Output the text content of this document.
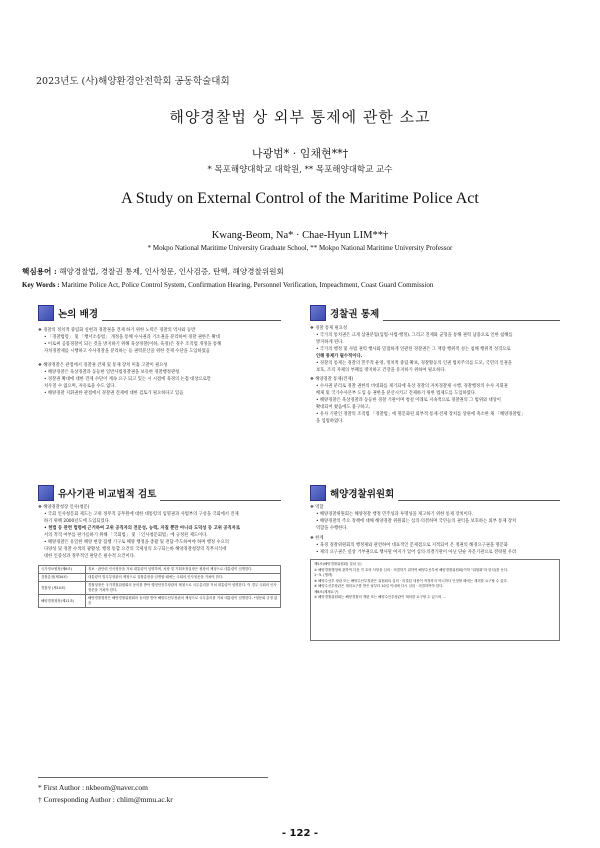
2023년도 (사)해양환경안전학회 공동학술대회
해양경찰법 상 외부 통제에 관한 소고
나광범* · 임채현**†
* 목포해양대학교 대학원, ** 목포해양대학교 교수
A Study on External Control of the Maritime Police Act
Kwang-Beom, Na* · Chae-Hyun LIM**†
* Mokpo National Maritime University Graduate School, ** Mokpo National Maritime University Professor
핵심용어 : 해양경찰법, 경찰권 통제, 인사청문, 인사검증, 탄핵, 해양경찰위원회
Key Words : Maritime Police Act, Police Control System, Confirmation Hearing, Personnel Verification, Impeachment, Coast Guard Commission
논의 배경
❖ 경찰의 정치적 중립화 실현과 경찰권을 견제 하기 위한 노력은 경찰의 역사와 동반
• 「경찰법령」 및 「행서소송법」 개정을 통해 수사권과 기소권을 분리하여 경찰 권한은 확대
• 이로써 공룡경찰이 되는 것을 방지하기 위해 육상경찰(이하, 육경)은 경우 조직법 개정을 통해
자치경찰제를 시행하고 수사경찰을 분리하는 등 권력분산을 위한 견제 수단을 도입하였음
❖ 해양경찰은 관점에서 경찰권 견제 및 통제 장치 미흡 고찰이 필요성
• 해양경찰은 육상경찰과 동등한 일반사법경찰권을 보유한 경찰행정관청
• 경찰권 확대에 대한 견제 수단이 계속 요구 되고 있는 시 시점에 육경의 논점 대상으로만
치우칠 수 없으며, 자유로울 수도 없다.
• 해양경찰 지휘권한 관점에서 경찰권 견제에 대한 검토가 필요하다고 있음
경찰권 통제
❖ 경찰 통제 필요성
• 국가의 통치권은 크게 삼권분립(입법·사법·행정), 그리고 견제와 균형을 통해 권력 남용으로 인한 침해를
방지하게 된다.
• 국가의 행정 및 사법 권력 행사와 밀접하게 연관된 경찰권은 그 재량 행위적 성는 침해 행위적 성격으로
인해 통제가 필수적이다.
• 경찰의 통제는 경찰의 민주적 운영, 정치적 중립 확보, 경찰활동의 인권 법치주의를 도모, 국민의 인권을
보호, 조직 자체의 부패를 방지하고 건강을 유지하기 위하여 필요하다.
❖ 해양경찰 통제(견제)
• 수사권 분리로 경찰 권한의 비대화를 제기되에 육상 경찰의 자치경찰제 시행, 경찰행정의 수사 지휘권
배제 및 국가수사본부 도입 등 권한을 분산시키고 견제하기 위한 법제도를 도입하였다.
• 해양경찰은 육상경찰과 동등한 경찰 기관이며 청설 이래로 지속적으로 경찰권의 그 범위와 대상이
확대되어 왔음에도 불구하고,
• 유사 기관인 경찰의 조직법 「경찰법」에 명문화된 외부적 통제·견제 장치를 상위에 축소한 채 「해양경찰법」
을 입법하였다.
유사기관 비교법적 검토
❖ 해양경찰청장 인사(청문)
• 국회 인사청문회 제도는 고위 정무직 공무원에 대한 대통령의 임명권과 사법부의 구성을 국회에서 견제
하기 위해 2000년도에 도입되었다.
• 헌법 등 관련 법령에 근거하여 고위 공직자의 전문성, 능력, 자질 뿐만 아니라 도덕성 등 고위 공직자로
서의 적격 여부를 판가름하기 위해 「국회법」 및 「인사청문회법」에 규정된 제도이다.
• 해양경찰은 유일한 해양 현장 집행 기구로 해양 행정을 총괄 및 전담·주도하여야 하며 행정 수요의
다양성 및 경찰 수색의 광활성, 행정 통합 요건의 국제성의 요구되는바 해양경찰청장의 직무지식에
대한 인증성과 정무적인 판단은 필수적 요건이다.
국가정보원장(제6조)	정보 · 판단력 인사청문을 거쳐 대통령이 임명하며, 차장 및 기획조정실장은 원장의 제청으로 대통령이 임명한다.
검찰총장(제34조)	대통령이 법무부장관의 제청으로 검찰총장을 임명할 때에는 국회의 인사청문을 거쳐야 한다.
경찰청 (제14조)	경찰청장은 국가경찰위원회의 동의를 받아 행정안전부장관의 제청으로 국무총리를 거쳐 대통령이 임명한다. 이 경우 국회의 인사청문을 거쳐야 한다.
해양경찰청장(제11조)	해양경찰청장은 해양경찰위원회의 동의를 받아 해양수산부장관의 제청으로 국무총리를 거쳐 대통령이 임명한다. *청문회 규정 없음
해양경찰위원회
❖ 역할
• 해양경찰위원회는 해양경찰 행정 민주성과 투명성을 제고하기 위한 통제 장치이다.
• 해양경찰의 주요 정책에 대해 해양경찰 위원회는 심의·의결하며 국민들의 권익을 보호하는 외부 통제 장치
역할을 수행한다.
❖ 한계
• 육경 경찰위원회의 행정제와 관련하여 대표적인 문제점으로 지적되어 온 정권의 해경요구권을 명문화
• 제의 요구권은 실상 거부권으로 행사될 여지가 있어 심의·의결기관이 아닌 단순 자문기관으로 전락될 우려
제5조(해양경찰위원회) 설치 등)
① 해양경찰행정에 관하여 다음 각 호의 사항을 심의 · 의결하기 위하여 해양수산부에 해양경찰위원회(이하 "위원회"라 한다)를 둔다.
1~5. (생략)
⑤ 해양수산부 장관 또는 해양수산부장관은 위원회의 심의 · 의결된 내용이 적정하지 아니하다 인정할 때에는 재의를 요구할 수 있다.
⑥ 해양수산부장관은 재의요구를 받은 날부터 10일 이내에 다시 심의 · 의결하여야 한다.
제6조(제재요구)
① 해양경찰위원회는 해양경찰의 개편 또는 해양수산부장관이 재의를 요구할 수 있으며 ...
* First Author : nkbeom@naver.com
† Corresponding Author : chlim@mmu.ac.kr
- 122 -
